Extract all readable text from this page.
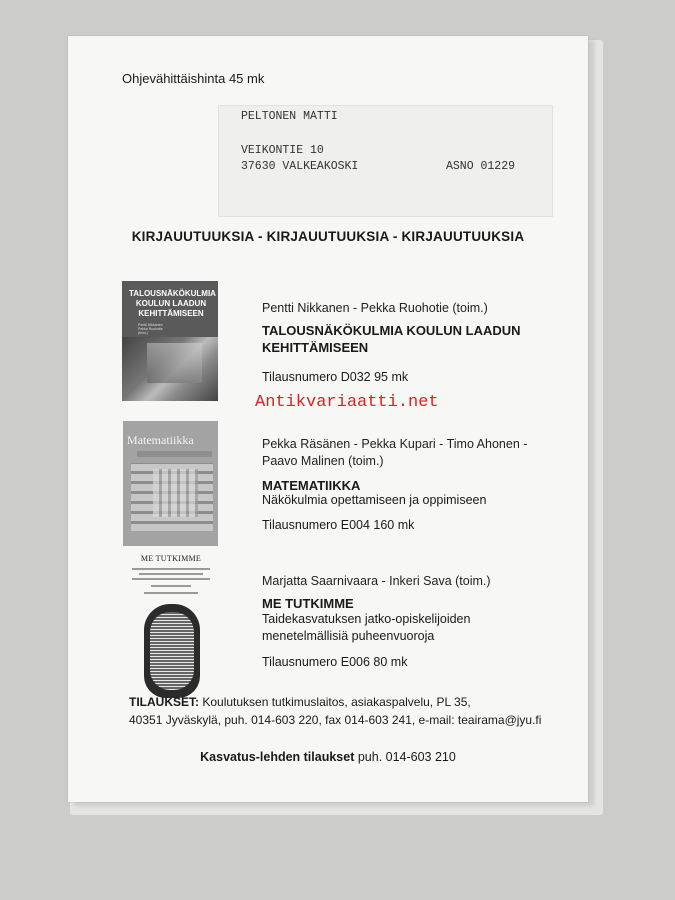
Ohjevähittäishinta 45 mk
PELTONEN MATTI
VEIKONTIE 10
37630 VALKEAKOSKI	ASNO 01229
KIRJAUUTUUKSIA - KIRJAUUTUUKSIA - KIRJAUUTUUKSIA
TALOUSNÄKÖKULMIA KOULUN LAADUN KEHITTÄMISEEN
Pentti Nikkanen
Pekka Ruohotie
(toim.)
Pentti Nikkanen - Pekka Ruohotie (toim.)
TALOUSNÄKÖKULMIA KOULUN LAADUN KEHITTÄMISEEN
Tilausnumero D032 95 mk
Antikvariaatti.net
Matematiikka	Pekka Räsänen - Pekka Kupari - Timo Ahonen - Paavo Malinen (toim.)
MATEMATIIKKA
Näkökulmia opettamiseen ja oppimiseen
Tilausnumero E004 160 mk
ME TUTKIMME
Marjatta Saarnivaara - Inkeri Sava (toim.)
ME TUTKIMME
Taidekasvatuksen jatko-opiskelijoiden menetelmällisiä puheenvuoroja
Tilausnumero E006 80 mk
TILAUKSET: Koulutuksen tutkimuslaitos, asiakaspalvelu, PL 35,
40351 Jyväskylä, puh. 014-603 220, fax 014-603 241, e-mail: teairama@jyu.fi
Kasvatus-lehden tilaukset puh. 014-603 210
